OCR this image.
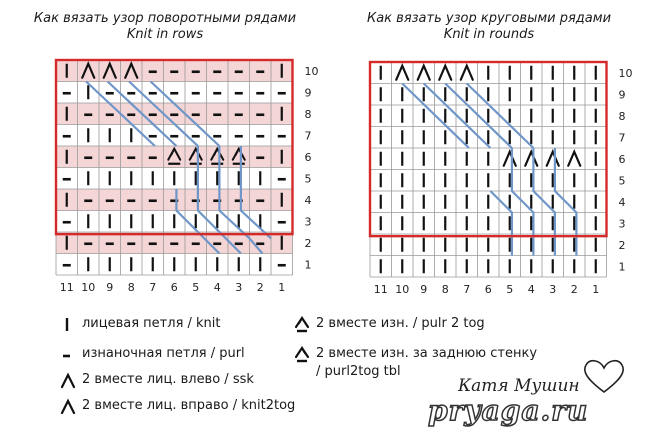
Как вязать узор поворотными рядами
Knit in rows
Как вязать узор круговыми рядами
Knit in rounds
10
9
8
7
6
5
4
3
2
1
11 10 9 8 7 6 5 4 3 2 1
10
9
8
7
6
5
4
3
2
1
11 10 9 8 7 6 5 4 3 2 1
лицевая петля / knit
изнаночная петля / purl
2 вместе лиц. влево / ssk
2 вместе лиц. вправо / knit2tog
2 вместе изн. / pulr 2 tog
2 вместе изн. за заднюю стенку
/ purl2tog tbl
Катя Мушин
pryaga.ru
